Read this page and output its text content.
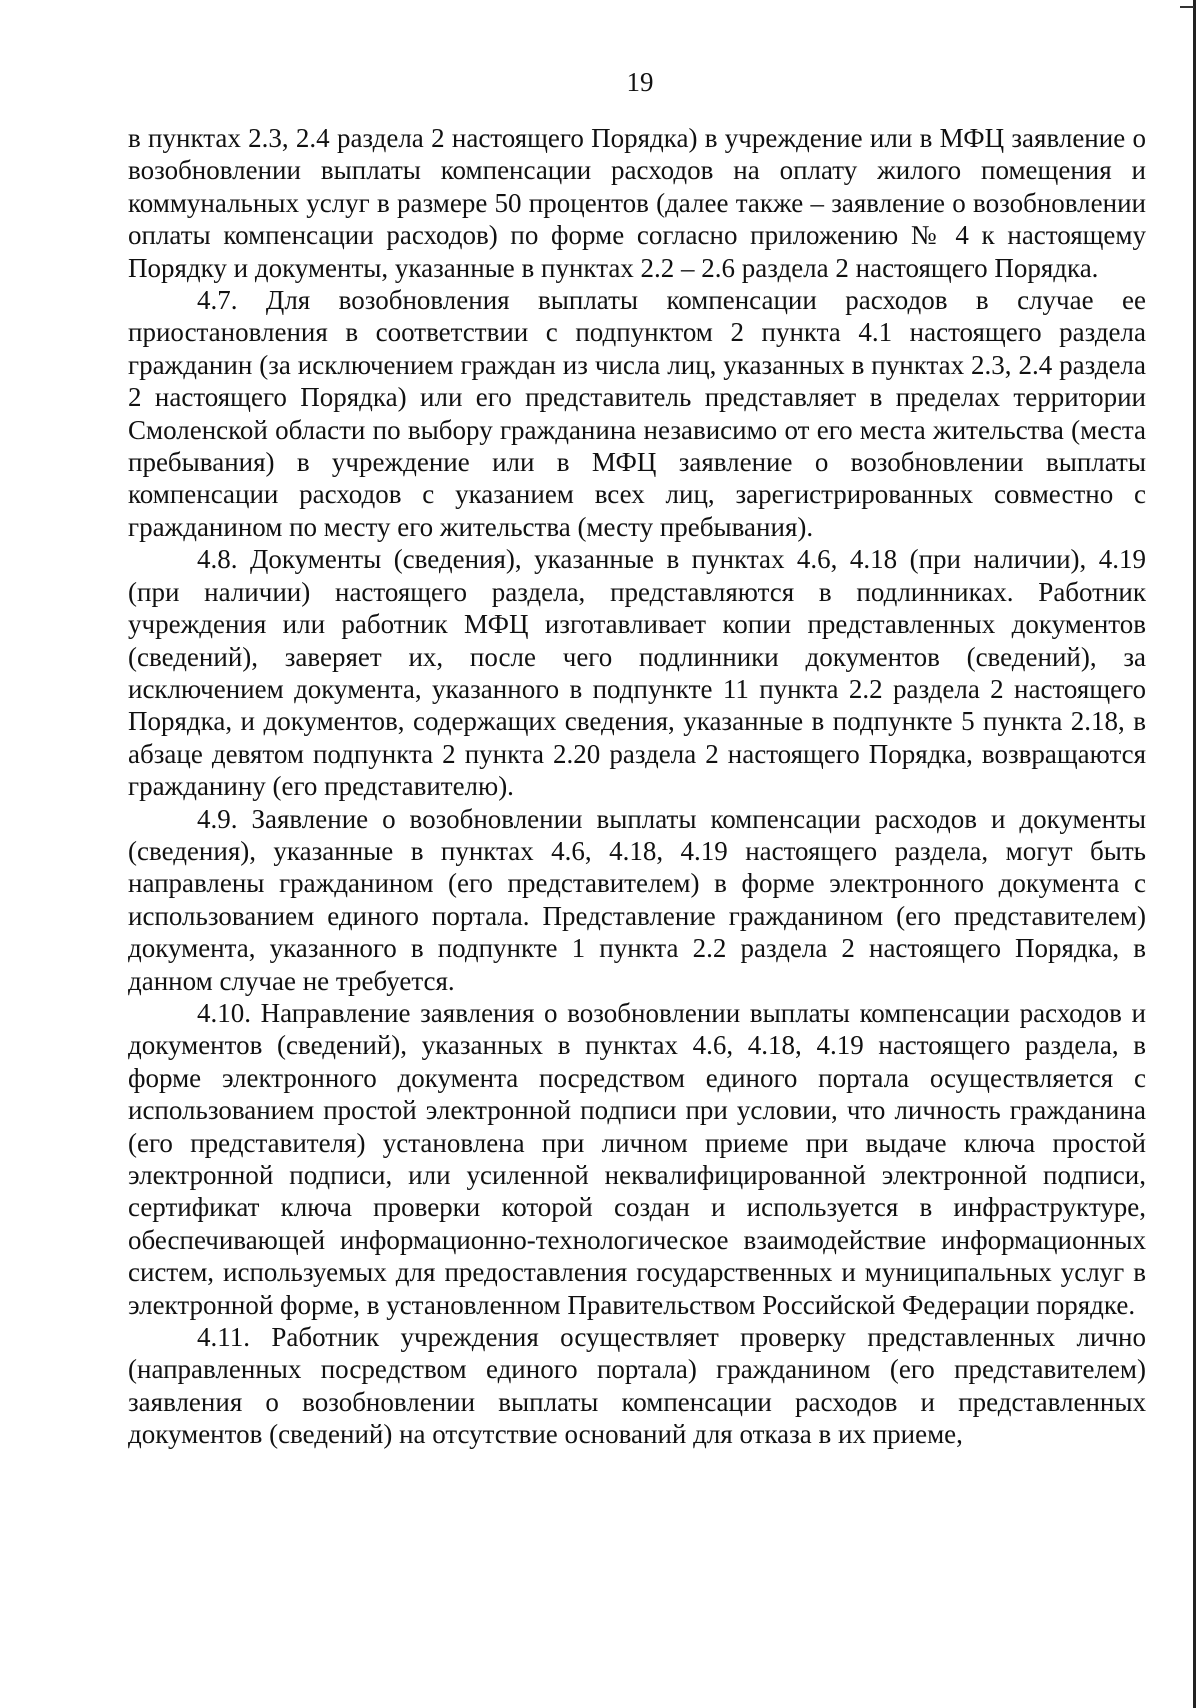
19

в пунктах 2.3, 2.4 раздела 2 настоящего Порядка) в учреждение или в МФЦ заявление о возобновлении выплаты компенсации расходов на оплату жилого помещения и коммунальных услуг в размере 50 процентов (далее также – заявление о возобновлении оплаты компенсации расходов) по форме согласно приложению № 4 к настоящему Порядку и документы, указанные в пунктах 2.2 – 2.6 раздела 2 настоящего Порядка.

4.7. Для возобновления выплаты компенсации расходов в случае ее приостановления в соответствии с подпунктом 2 пункта 4.1 настоящего раздела гражданин (за исключением граждан из числа лиц, указанных в пунктах 2.3, 2.4 раздела 2 настоящего Порядка) или его представитель представляет в пределах территории Смоленской области по выбору гражданина независимо от его места жительства (места пребывания) в учреждение или в МФЦ заявление о возобновлении выплаты компенсации расходов с указанием всех лиц, зарегистрированных совместно с гражданином по месту его жительства (месту пребывания).

4.8. Документы (сведения), указанные в пунктах 4.6, 4.18 (при наличии), 4.19 (при наличии) настоящего раздела, представляются в подлинниках. Работник учреждения или работник МФЦ изготавливает копии представленных документов (сведений), заверяет их, после чего подлинники документов (сведений), за исключением документа, указанного в подпункте 11 пункта 2.2 раздела 2 настоящего Порядка, и документов, содержащих сведения, указанные в подпункте 5 пункта 2.18, в абзаце девятом подпункта 2 пункта 2.20 раздела 2 настоящего Порядка, возвращаются гражданину (его представителю).

4.9. Заявление о возобновлении выплаты компенсации расходов и документы (сведения), указанные в пунктах 4.6, 4.18, 4.19 настоящего раздела, могут быть направлены гражданином (его представителем) в форме электронного документа с использованием единого портала. Представление гражданином (его представителем) документа, указанного в подпункте 1 пункта 2.2 раздела 2 настоящего Порядка, в данном случае не требуется.

4.10. Направление заявления о возобновлении выплаты компенсации расходов и документов (сведений), указанных в пунктах 4.6, 4.18, 4.19 настоящего раздела, в форме электронного документа посредством единого портала осуществляется с использованием простой электронной подписи при условии, что личность гражданина (его представителя) установлена при личном приеме при выдаче ключа простой электронной подписи, или усиленной неквалифицированной электронной подписи, сертификат ключа проверки которой создан и используется в инфраструктуре, обеспечивающей информационно-технологическое взаимодействие информационных систем, используемых для предоставления государственных и муниципальных услуг в электронной форме, в установленном Правительством Российской Федерации порядке.

4.11. Работник учреждения осуществляет проверку представленных лично (направленных посредством единого портала) гражданином (его представителем) заявления о возобновлении выплаты компенсации расходов и представленных документов (сведений) на отсутствие оснований для отказа в их приеме,
